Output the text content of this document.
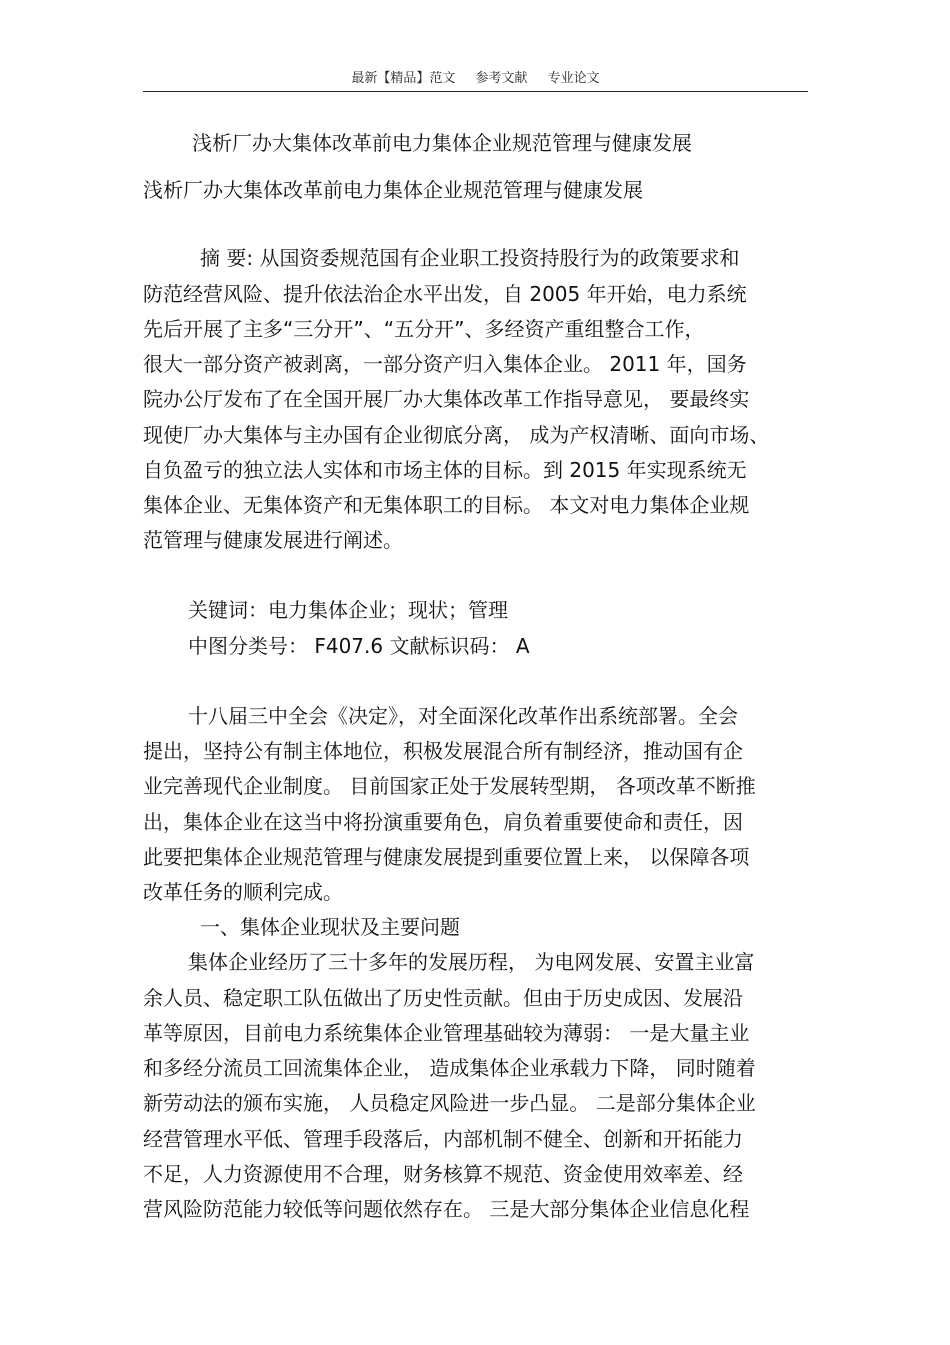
最新【精品】范文 参考文献 专业论文
浅析厂办大集体改革前电力集体企业规范管理与健康发展
浅析厂办大集体改革前电力集体企业规范管理与健康发展
摘 要: 从国资委规范国有企业职工投资持股行为的政策要求和
防范经营风险、提升依法治企水平出发，自 2005 年开始，电力系统
先后开展了主多“三分开”、“五分开”、多经资产重组整合工作，
很大一部分资产被剥离，一部分资产归入集体企业。 2011 年，国务
院办公厅发布了在全国开展厂办大集体改革工作指导意见， 要最终实
现使厂办大集体与主办国有企业彻底分离， 成为产权清晰、面向市场、
自负盈亏的独立法人实体和市场主体的目标。到 2015 年实现系统无
集体企业、无集体资产和无集体职工的目标。 本文对电力集体企业规
范管理与健康发展进行阐述。
关键词：电力集体企业；现状；管理
中图分类号： F407.6 文献标识码： A
十八届三中全会《决定》，对全面深化改革作出系统部署。全会
提出，坚持公有制主体地位，积极发展混合所有制经济，推动国有企
业完善现代企业制度。 目前国家正处于发展转型期， 各项改革不断推
出，集体企业在这当中将扮演重要角色，肩负着重要使命和责任，因
此要把集体企业规范管理与健康发展提到重要位置上来， 以保障各项
改革任务的顺利完成。
一、集体企业现状及主要问题
集体企业经历了三十多年的发展历程， 为电网发展、安置主业富
余人员、稳定职工队伍做出了历史性贡献。但由于历史成因、发展沿
革等原因，目前电力系统集体企业管理基础较为薄弱： 一是大量主业
和多经分流员工回流集体企业， 造成集体企业承载力下降， 同时随着
新劳动法的颁布实施， 人员稳定风险进一步凸显。 二是部分集体企业
经营管理水平低、管理手段落后，内部机制不健全、创新和开拓能力
不足，人力资源使用不合理，财务核算不规范、资金使用效率差、经
营风险防范能力较低等问题依然存在。 三是大部分集体企业信息化程
